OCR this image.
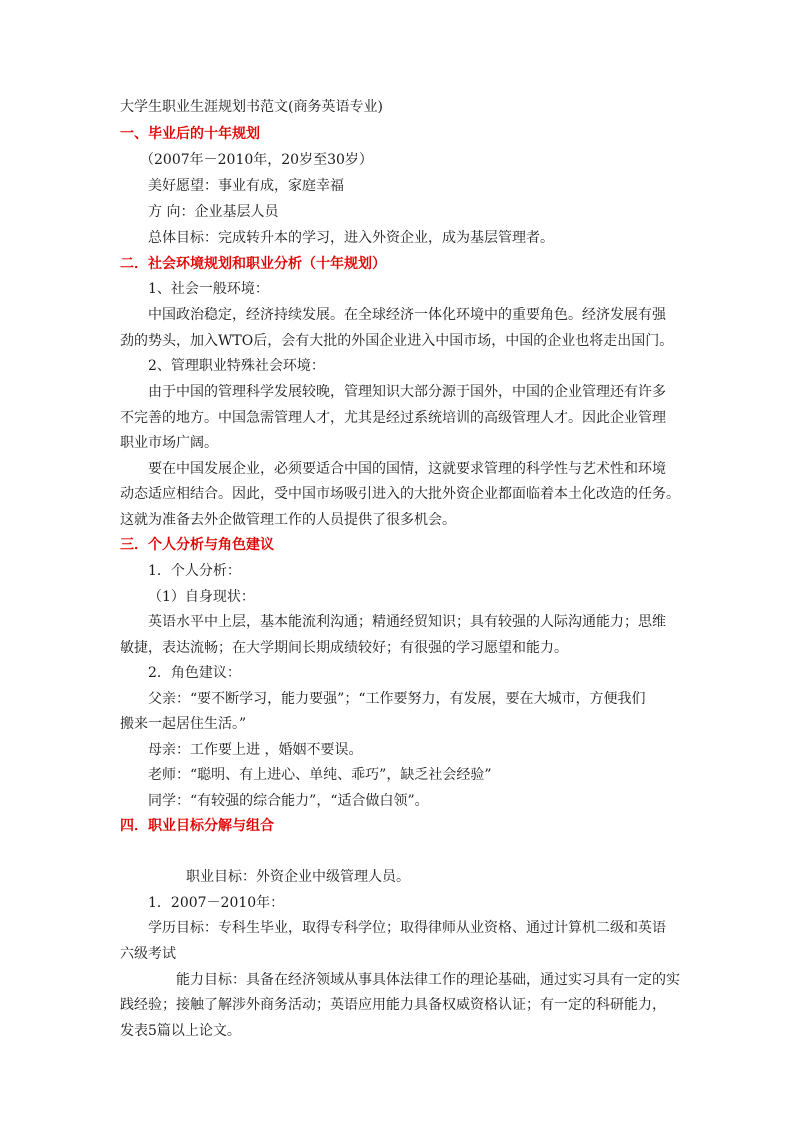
大学生职业生涯规划书范文(商务英语专业)

一、毕业后的十年规划

（2007年－2010年，20岁至30岁）

美好愿望：事业有成，家庭幸福

方 向：企业基层人员

总体目标：完成转升本的学习，进入外资企业，成为基层管理者。

二．社会环境规划和职业分析（十年规划）

1、社会一般环境：

中国政治稳定，经济持续发展。在全球经济一体化环境中的重要角色。经济发展有强

劲的势头，加入WTO后，会有大批的外国企业进入中国市场，中国的企业也将走出国门。

2、管理职业特殊社会环境：

由于中国的管理科学发展较晚，管理知识大部分源于国外，中国的企业管理还有许多

不完善的地方。中国急需管理人才，尤其是经过系统培训的高级管理人才。因此企业管理

职业市场广阔。

要在中国发展企业，必须要适合中国的国情，这就要求管理的科学性与艺术性和环境

动态适应相结合。因此，受中国市场吸引进入的大批外资企业都面临着本土化改造的任务。

这就为准备去外企做管理工作的人员提供了很多机会。

三．个人分析与角色建议

1．个人分析：

（1）自身现状：

英语水平中上层，基本能流利沟通；精通经贸知识；具有较强的人际沟通能力；思维

敏捷，表达流畅；在大学期间长期成绩较好；有很强的学习愿望和能力。

2．角色建议：

父亲：“要不断学习，能力要强”；“工作要努力，有发展，要在大城市，方便我们

搬来一起居住生活。”

母亲：工作要上进 ，婚姻不要误。

老师：“聪明、有上进心、单纯、乖巧”，缺乏社会经验”

同学：“有较强的综合能力”，“适合做白领”。

四．职业目标分解与组合

职业目标：外资企业中级管理人员。

1．2007－2010年：

学历目标：专科生毕业，取得专科学位；取得律师从业资格、通过计算机二级和英语

六级考试

能力目标：具备在经济领域从事具体法律工作的理论基础，通过实习具有一定的实

践经验；接触了解涉外商务活动；英语应用能力具备权威资格认证；有一定的科研能力，

发表5篇以上论文。
